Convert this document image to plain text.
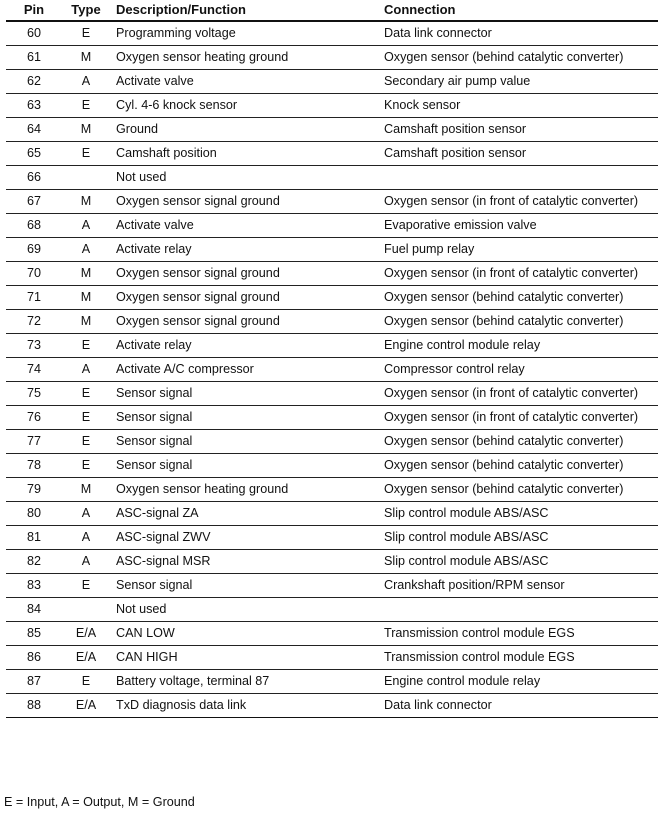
Pin	Type	Description/Function	Connection
60	E	Programming voltage	Data link connector
61	M	Oxygen sensor heating ground	Oxygen sensor (behind catalytic converter)
62	A	Activate valve	Secondary air pump value
63	E	Cyl. 4-6 knock sensor	Knock sensor
64	M	Ground	Camshaft position sensor
65	E	Camshaft position	Camshaft position sensor
66		Not used	
67	M	Oxygen sensor signal ground	Oxygen sensor (in front of catalytic converter)
68	A	Activate valve	Evaporative emission valve
69	A	Activate relay	Fuel pump relay
70	M	Oxygen sensor signal ground	Oxygen sensor (in front of catalytic converter)
71	M	Oxygen sensor signal ground	Oxygen sensor (behind catalytic converter)
72	M	Oxygen sensor signal ground	Oxygen sensor (behind catalytic converter)
73	E	Activate relay	Engine control module relay
74	A	Activate A/C compressor	Compressor control relay
75	E	Sensor signal	Oxygen sensor (in front of catalytic converter)
76	E	Sensor signal	Oxygen sensor (in front of catalytic converter)
77	E	Sensor signal	Oxygen sensor (behind catalytic converter)
78	E	Sensor signal	Oxygen sensor (behind catalytic converter)
79	M	Oxygen sensor heating ground	Oxygen sensor (behind catalytic converter)
80	A	ASC-signal ZA	Slip control module ABS/ASC
81	A	ASC-signal ZWV	Slip control module ABS/ASC
82	A	ASC-signal MSR	Slip control module ABS/ASC
83	E	Sensor signal	Crankshaft position/RPM sensor
84		Not used	
85	E/A	CAN LOW	Transmission control module EGS
86	E/A	CAN HIGH	Transmission control module EGS
87	E	Battery voltage, terminal 87	Engine control module relay
88	E/A	TxD diagnosis data link	Data link connector
E = Input, A = Output, M = Ground
